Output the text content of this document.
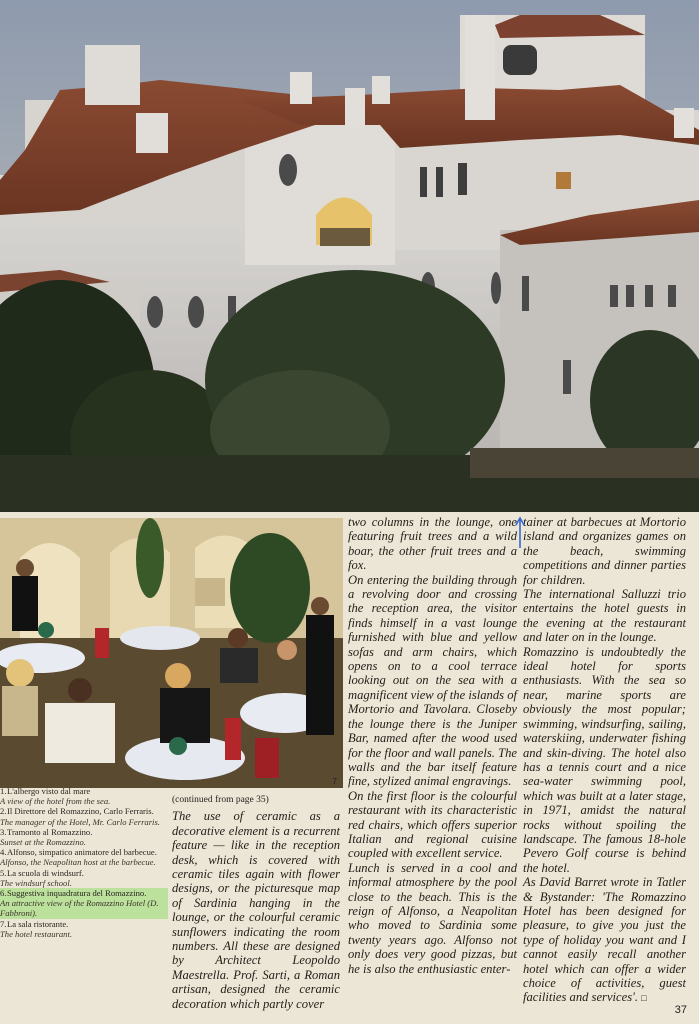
7
1.L'albergo visto dal mare
A view of the hotel from the sea.
2.Il Direttore del Romazzino, Carlo Ferraris.
The manager of the Hotel, Mr. Carlo Ferraris.
3.Tramonto al Romazzino.
Sunset at the Romazzino.
4.Alfonso, simpatico animatore del barbecue.
Alfonso, the Neapolitan host at the barbecue.
5.La scuola di windsurf.
The windsurf school.
6.Suggestiva inquadratura del Romazzino.
An attractive view of the Romazzino Hotel (D. Fabbroni).
7.La sala ristorante.
The hotel restaurant.
(continued from page 35)

The use of ceramic as a decorative element is a recurrent feature — like in the reception desk, which is covered with ceramic tiles again with flower designs, or the picturesque map of Sardinia hanging in the lounge, or the colourful ceramic sunflowers indicating the room numbers. All these are designed by Architect Leopoldo Maestrella. Prof. Sarti, a Roman artisan, designed the ceramic decoration which partly cover

two columns in the lounge, one featuring fruit trees and a wild boar, the other fruit trees and a fox.

On entering the building through a revolving door and crossing the reception area, the visitor finds himself in a vast lounge furnished with blue and yellow sofas and arm chairs, which opens on to a cool terrace looking out on the sea with a magnificent view of the islands of Mortorio and Tavolara. Closeby the lounge there is the Juniper Bar, named after the wood used for the floor and wall panels. The walls and the bar itself feature fine, stylized animal engravings.

On the first floor is the colourful restaurant with its characteristic red chairs, which offers superior Italian and regional cuisine coupled with excellent service.

Lunch is served in a cool and informal atmosphere by the pool close to the beach. This is the reign of Alfonso, a Neapolitan who moved to Sardinia some twenty years ago. Alfonso not only does very good pizzas, but he is also the enthusiastic enter-

tainer at barbecues at Mortorio island and organizes games on the beach, swimming competitions and dinner parties for children.

The international Salluzzi trio entertains the hotel guests in the evening at the restaurant and later on in the lounge.

Romazzino is undoubtedly the ideal hotel for sports enthusiasts. With the sea so near, marine sports are obviously the most popular; swimming, windsurfing, sailing, waterskiing, underwater fishing and skin-diving. The hotel also has a tennis court and a nice sea-water swimming pool, which was built at a later stage, in 1971, amidst the natural rocks without spoiling the landscape. The famous 18-hole Pevero Golf course is behind the hotel.

As David Barret wrote in Tatler & Bystander: 'The Romazzino Hotel has been designed for pleasure, to give you just the type of holiday you want and I cannot easily recall another hotel which can offer a wider choice of activities, guest facilities and services'. □

37
